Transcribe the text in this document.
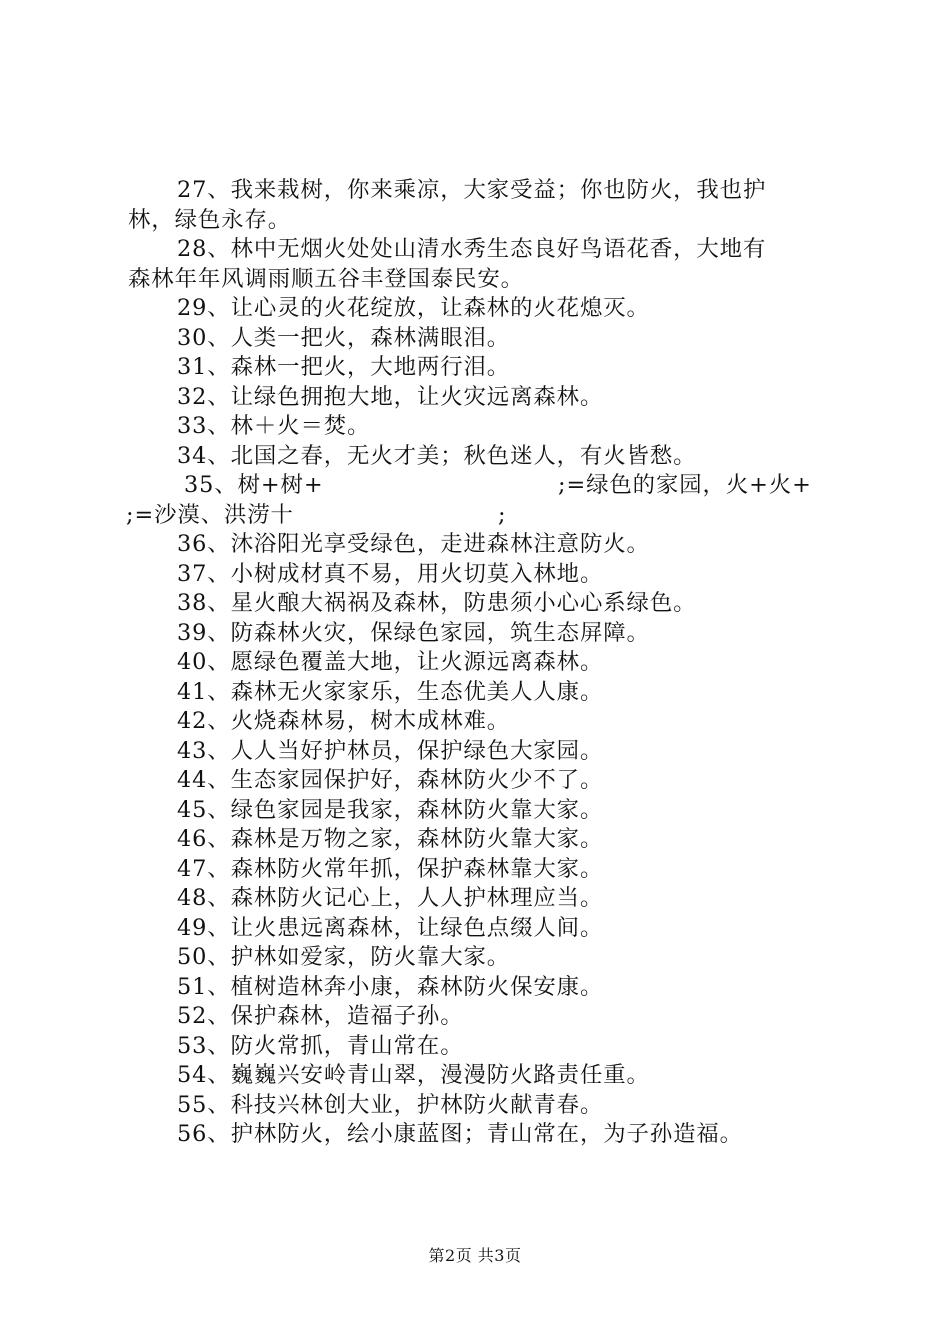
27、我来栽树，你来乘凉，大家受益；你也防火，我也护
林，绿色永存。
28、林中无烟火处处山清水秀生态良好鸟语花香，大地有
森林年年风调雨顺五谷丰登国泰民安。
29、让心灵的火花绽放，让森林的火花熄灭。
30、人类一把火，森林满眼泪。
31、森林一把火，大地两行泪。
32、让绿色拥抱大地，让火灾远离森林。
33、林＋火＝焚。
34、北国之春，无火才美；秋色迷人，有火皆愁。
35、树+树+	;=绿色的家园，火+火+
;=沙漠、洪涝十	;
36、沐浴阳光享受绿色，走进森林注意防火。
37、小树成材真不易，用火切莫入林地。
38、星火酿大祸祸及森林，防患须小心心系绿色。
39、防森林火灾，保绿色家园，筑生态屏障。
40、愿绿色覆盖大地，让火源远离森林。
41、森林无火家家乐，生态优美人人康。
42、火烧森林易，树木成林难。
43、人人当好护林员，保护绿色大家园。
44、生态家园保护好，森林防火少不了。
45、绿色家园是我家，森林防火靠大家。
46、森林是万物之家，森林防火靠大家。
47、森林防火常年抓，保护森林靠大家。
48、森林防火记心上，人人护林理应当。
49、让火患远离森林，让绿色点缀人间。
50、护林如爱家，防火靠大家。
51、植树造林奔小康，森林防火保安康。
52、保护森林，造福子孙。
53、防火常抓，青山常在。
54、巍巍兴安岭青山翠，漫漫防火路责任重。
55、科技兴林创大业，护林防火献青春。
56、护林防火，绘小康蓝图；青山常在，为子孙造福。
第2页 共3页
